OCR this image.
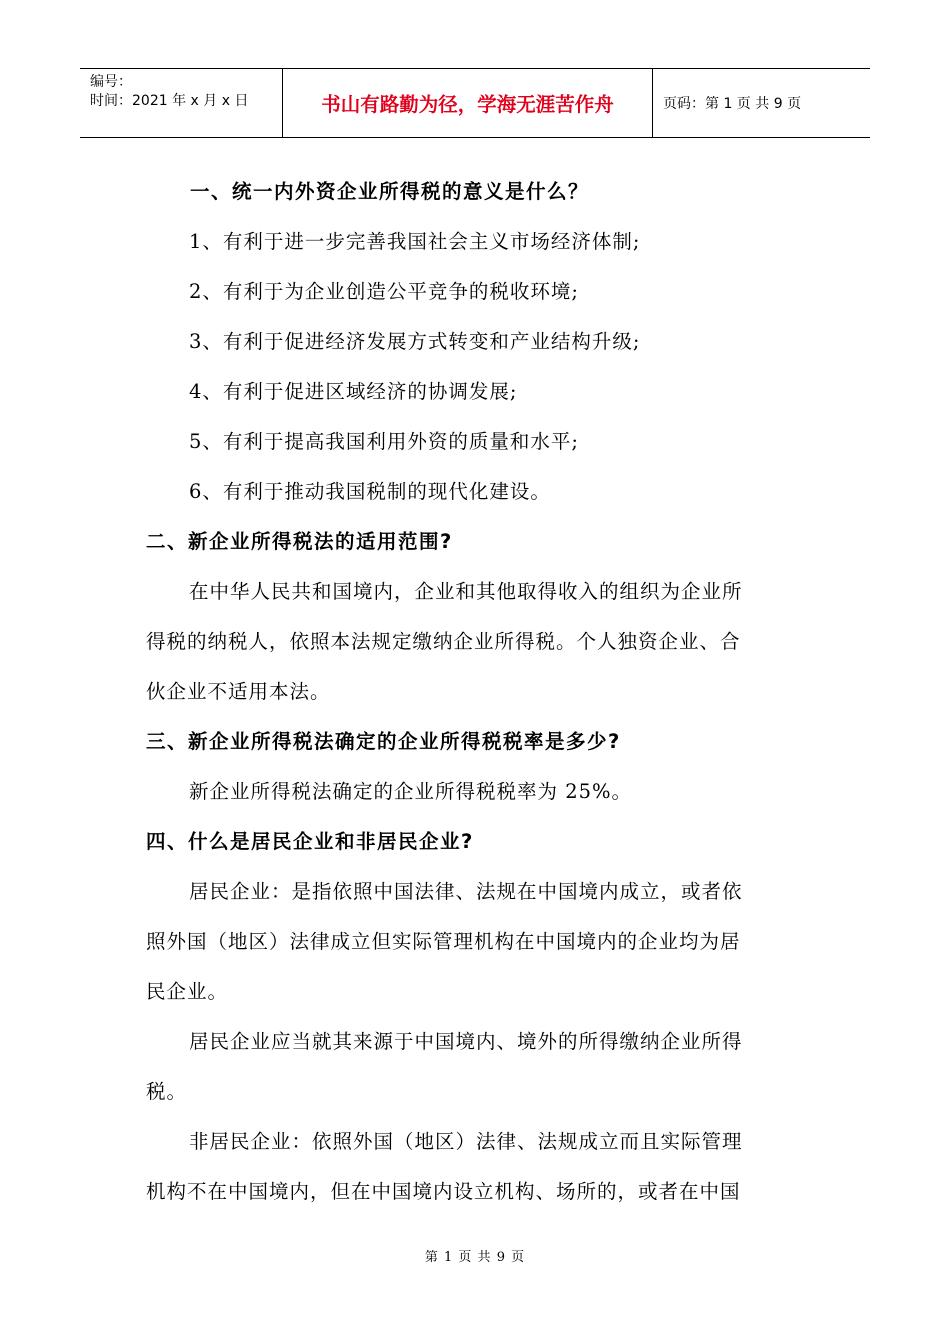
编号：
时间：2021 年 x 月 x 日	书山有路勤为径，学海无涯苦作舟	页码：第 1 页 共 9 页
一、统一内外资企业所得税的意义是什么？
1、有利于进一步完善我国社会主义市场经济体制;
2、有利于为企业创造公平竞争的税收环境;
3、有利于促进经济发展方式转变和产业结构升级;
4、有利于促进区域经济的协调发展;
5、有利于提高我国利用外资的质量和水平;
6、有利于推动我国税制的现代化建设。
二、新企业所得税法的适用范围?
在中华人民共和国境内，企业和其他取得收入的组织为企业所
得税的纳税人，依照本法规定缴纳企业所得税。个人独资企业、合
伙企业不适用本法。
三、新企业所得税法确定的企业所得税税率是多少?
新企业所得税法确定的企业所得税税率为 25%。
四、什么是居民企业和非居民企业?
居民企业：是指依照中国法律、法规在中国境内成立，或者依
照外国（地区）法律成立但实际管理机构在中国境内的企业均为居
民企业。
居民企业应当就其来源于中国境内、境外的所得缴纳企业所得
税。
非居民企业：依照外国（地区）法律、法规成立而且实际管理
机构不在中国境内，但在中国境内设立机构、场所的，或者在中国
第 1 页 共 9 页
